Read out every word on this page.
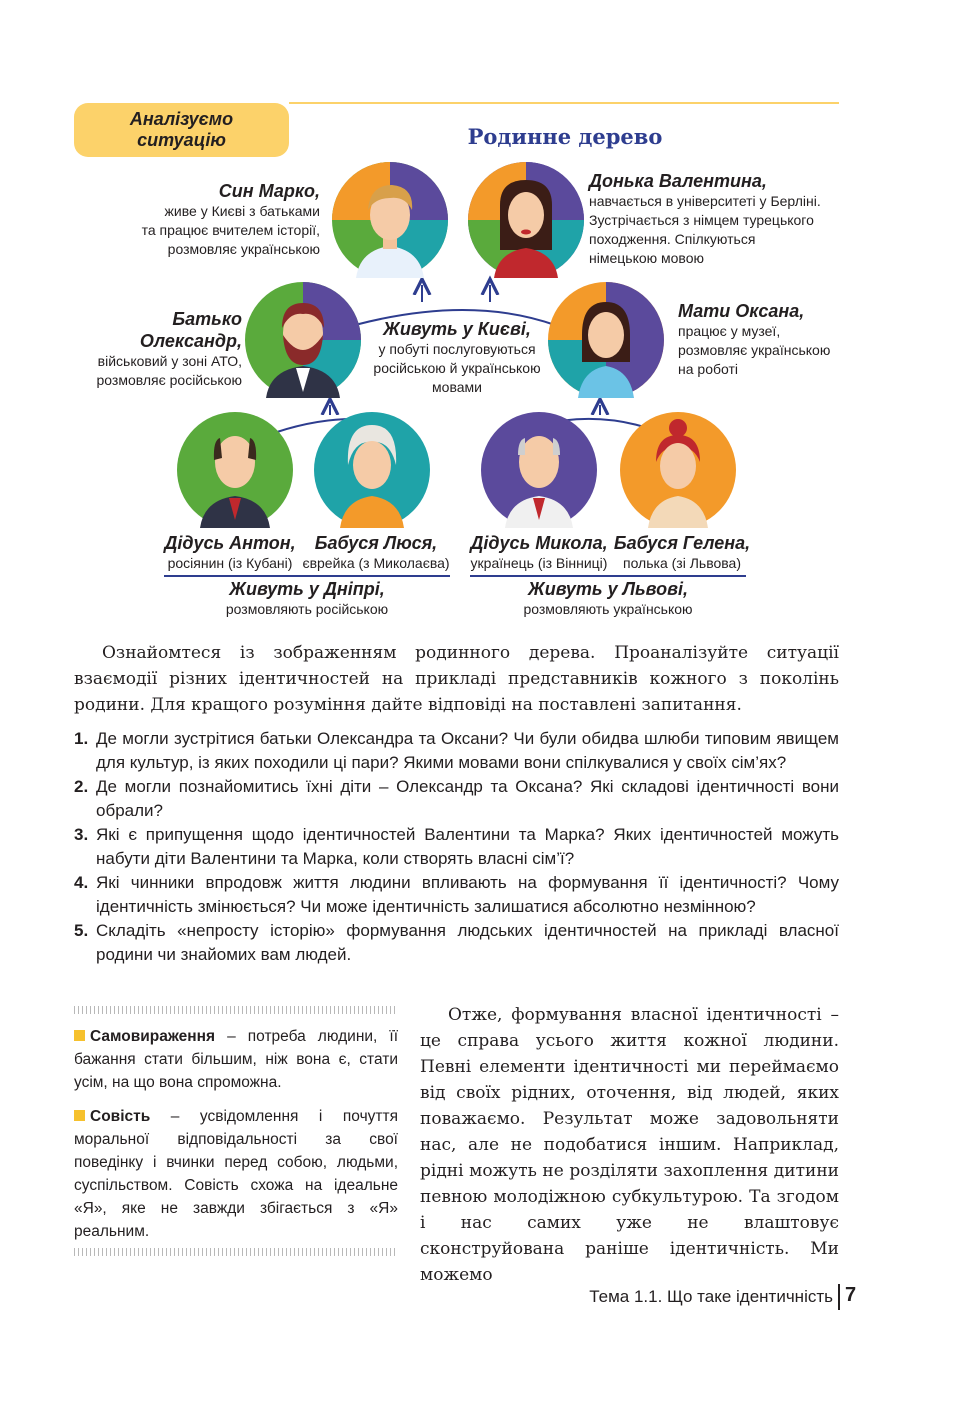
Аналізуємо
ситуацію	Родинне дерево
Син Марко,
живе у Києві з батьками
та працює вчителем історії,
розмовляє українською
Донька Валентина,
навчається в університеті у Берліні.
Зустрічається з німцем турецького
походження. Спілкуються
німецькою мовою
Батько Олександр,
військовий у зоні АТО,
розмовляє російською
Мати Оксана,
працює у музеї,
розмовляє українською
на роботі
Живуть у Києві,
у побуті послуговуються
російською й українською
мовами
Дідусь Антон,
росіянин (із Кубані)
Бабуся Люся,
єврейка (з Миколаєва)
Дідусь Микола,
українець (із Вінниці)
Бабуся Гелена,
полька (зі Львова)
Живуть у Дніпрі,
розмовляють російською
Живуть у Львові,
розмовляють українською

Ознайомтеся із зображенням родинного дерева. Проаналізуйте ситуації взаємодії різних ідентичностей на прикладі представників кожного з поколінь родини. Для кращого розуміння дайте відповіді на поставлені запитання.

1. Де могли зустрітися батьки Олександра та Оксани? Чи були обидва шлюби типовим явищем для культур, із яких походили ці пари? Якими мовами вони спілкувалися у своїх сім’ях?
2. Де могли познайомитись їхні діти – Олександр та Оксана? Які складові ідентичності вони обрали?
3. Які є припущення щодо ідентичностей Валентини та Марка? Яких ідентичностей можуть набути діти Валентини та Марка, коли створять власні сім’ї?
4. Які чинники впродовж життя людини впливають на формування її ідентичності? Чому ідентичність змінюється? Чи може ідентичність залишатися абсолютно незмінною?
5. Складіть «непросту історію» формування людських ідентичностей на прикладі власної родини чи знайомих вам людей.
Самовираження – потреба людини, її бажання стати більшим, ніж вона є, стати усім, на що вона спроможна.
Совість – усвідомлення і почуття моральної відповідальності за свої поведінку і вчинки перед собою, людьми, суспільством. Совість схожа на ідеальне «Я», яке не завжди збігається з «Я» реальним.

Отже, формування власної ідентичності – це справа усього життя кожної людини. Певні елементи ідентичності ми переймаємо від своїх рідних, оточення, від людей, яких поважаємо. Результат може задовольняти нас, але не подобатися іншим. Наприклад, рідні можуть не розділяти захоплення дитини певною молодіжною субкультурою. Та згодом і нас самих уже не влаштовує сконструйована раніше ідентичність. Ми можемо

Тема 1.1. Що таке ідентичність 7
